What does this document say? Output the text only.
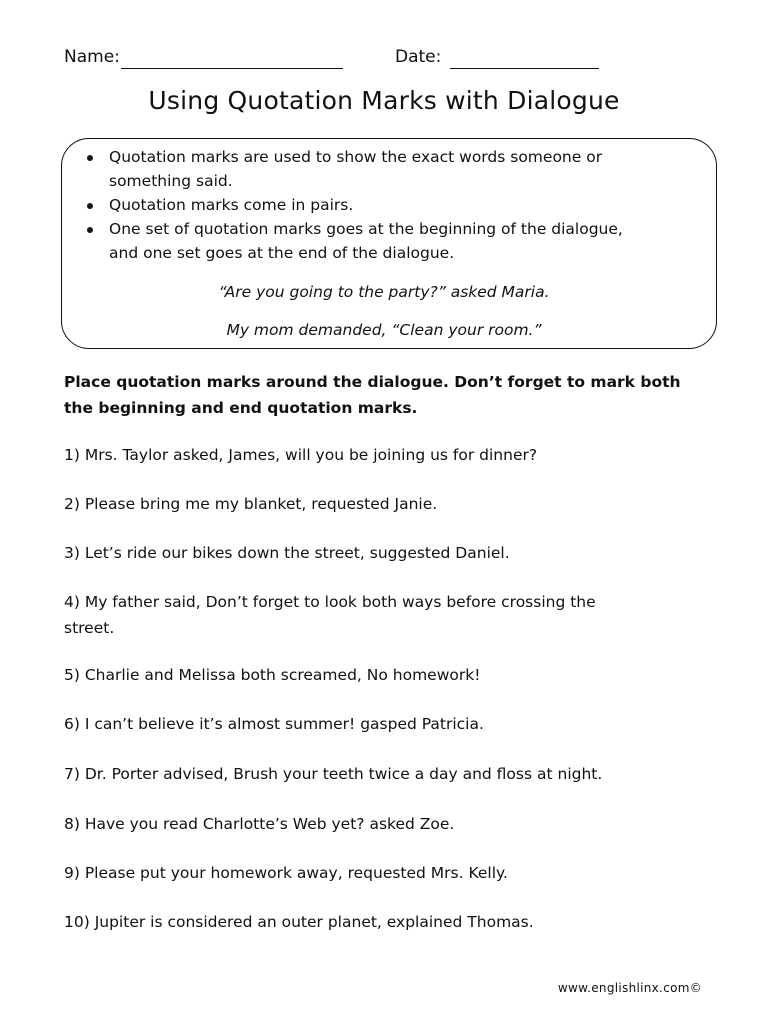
Name:	Date:
Using Quotation Marks with Dialogue
Quotation marks are used to show the exact words someone or
something said.
Quotation marks come in pairs.
One set of quotation marks goes at the beginning of the dialogue,
and one set goes at the end of the dialogue.
“Are you going to the party?” asked Maria.
My mom demanded, “Clean your room.”
Place quotation marks around the dialogue. Don’t forget to mark both
the beginning and end quotation marks.
1) Mrs. Taylor asked, James, will you be joining us for dinner?
2) Please bring me my blanket, requested Janie.
3) Let’s ride our bikes down the street, suggested Daniel.
4) My father said, Don’t forget to look both ways before crossing the
street.
5) Charlie and Melissa both screamed, No homework!
6) I can’t believe it’s almost summer! gasped Patricia.
7) Dr. Porter advised, Brush your teeth twice a day and floss at night.
8) Have you read Charlotte’s Web yet? asked Zoe.
9) Please put your homework away, requested Mrs. Kelly.
10) Jupiter is considered an outer planet, explained Thomas.
www.englishlinx.com©
